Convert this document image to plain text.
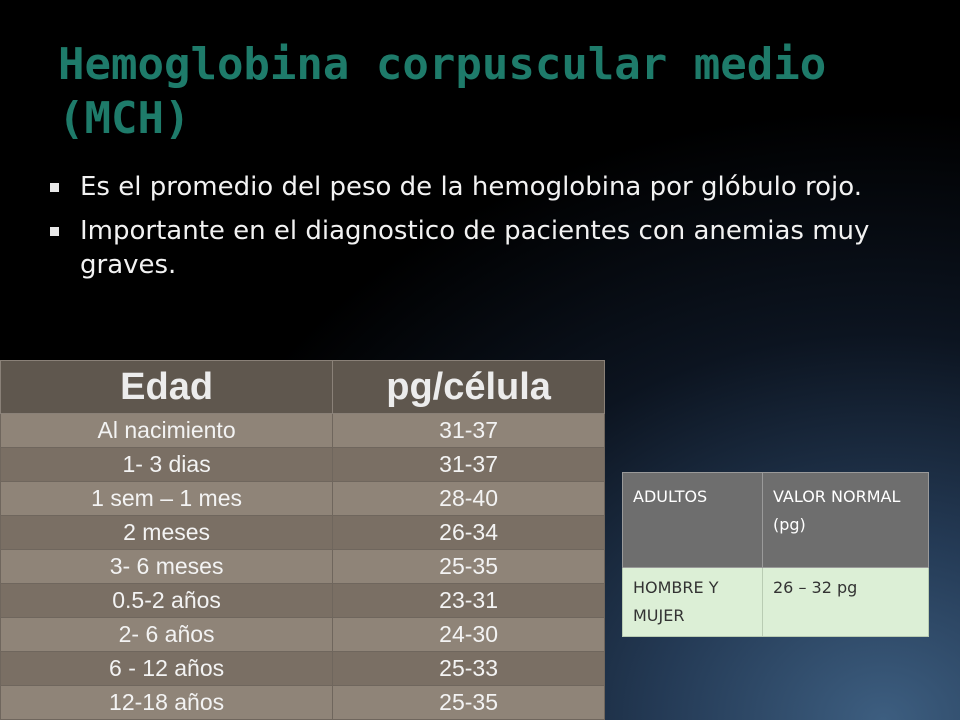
Hemoglobina corpuscular medio (MCH)
Es el promedio del peso de la hemoglobina por glóbulo rojo.
Importante en el diagnostico de pacientes con anemias muy graves.
Edad	pg/célula
Al nacimiento	31-37
1- 3 dias	31-37
1 sem – 1 mes	28-40
2 meses	26-34
3- 6 meses	25-35
0.5-2 años	23-31
2- 6 años	24-30
6 - 12 años	25-33
12-18 años	25-35
ADULTOS	VALOR NORMAL (pg)
HOMBRE Y MUJER	26 – 32 pg
